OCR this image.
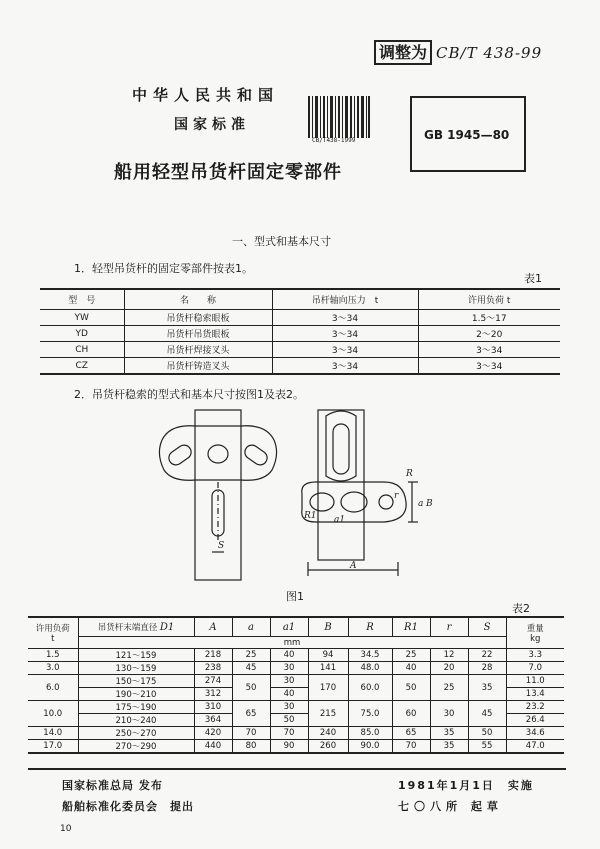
调整为 CB/T 438-99
中华人民共和国
国家标准
CB/T438-1999	GB 1945—80
船用轻型吊货杆固定零部件
一、型式和基本尺寸
1．轻型吊货杆的固定零部件按表1。
表1
型　号	名　　称	吊杆轴向压力　t	许用负荷 t
YW	吊货杆稳索眼板	3～34	1.5～17
YD	吊货杆吊货眼板	3～34	2～20
CH	吊货杆焊接叉头	3～34	3～34
CZ	吊货杆铸造叉头	3～34	3～34
2．吊货杆稳索的型式和基本尺寸按图1及表2。
S
R
r
a B
R1 a1
A
图1
表2
许用负荷
t	吊货杆末端直径 D1	A	a	a1	B	R	R1	r	S	重量
kg
	mm									
1.5	121～159	218	25	40	94	34.5	25	12	22	3.3
3.0	130～159	238	45	30	141	48.0	40	20	28	7.0
6.0	150～175	274	50	30	170	60.0	50	25	35	11.0
	190～210	312		40						13.4
10.0	175～190	310	65	30	215	75.0	60	30	45	23.2
	210～240	364		50						26.4
14.0	250～270	420	70	70	240	85.0	65	35	50	34.6
17.0	270～290	440	80	90	260	90.0	70	35	55	47.0
国家标准总局 发布
船舶标准化委员会　提出
1981年1月1日　实施
七〇八所 起草
10
